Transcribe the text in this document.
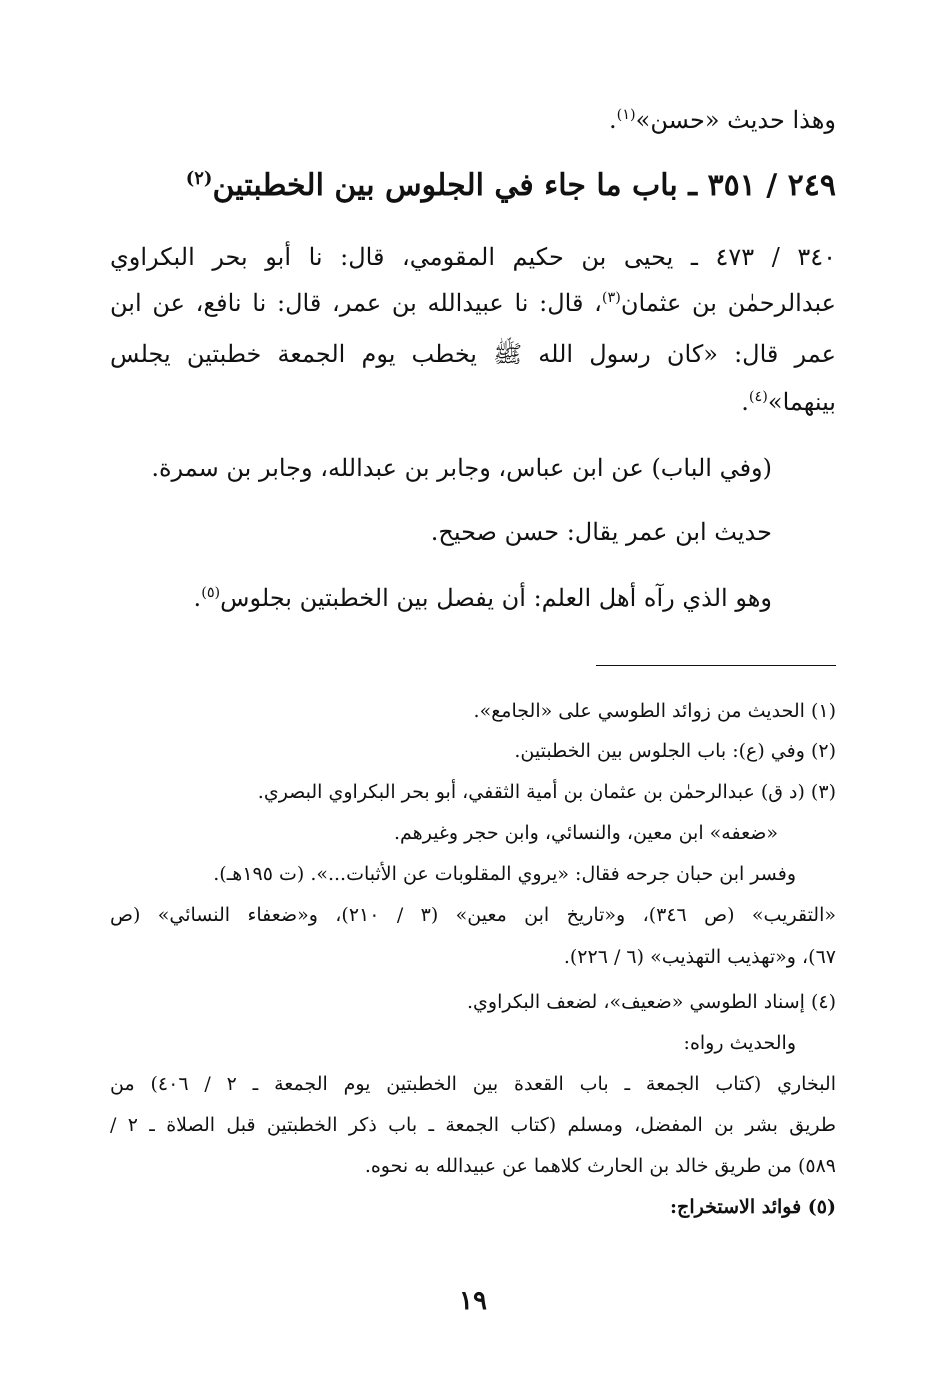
وهذا حديث «حسن»$^{(١)}$.
٢٤٩ / ٣٥١ ـ باب ما جاء في الجلوس بين الخطبتين$^{(٢)}$
٣٤٠ / ٤٧٣ ـ يحيى بن حكيم المقومي، قال: نا أبو بحر البكراوي
عبدالرحمٰن بن عثمان$^{(٣)}$، قال: نا عبيدالله بن عمر، قال: نا نافع، عن ابن
عمر قال: «كان رسول الله ﷺ يخطب يوم الجمعة خطبتين يجلس
بينهما»$^{(٤)}$.
(وفي الباب) عن ابن عباس، وجابر بن عبدالله، وجابر بن سمرة.
حديث ابن عمر يقال: حسن صحيح.
وهو الذي رآه أهل العلم: أن يفصل بين الخطبتين بجلوس$^{(٥)}$.
(١) الحديث من زوائد الطوسي على «الجامع».
(٢) وفي (ع): باب الجلوس بين الخطبتين.
(٣) (د ق) عبدالرحمٰن بن عثمان بن أمية الثقفي، أبو بحر البكراوي البصري.
«ضعفه» ابن معين، والنسائي، وابن حجر وغيرهم.
وفسر ابن حبان جرحه فقال: «يروي المقلوبات عن الأثبات...». (ت ١٩٥هـ).
«التقريب» (ص ٣٤٦)، و«تاريخ ابن معين» (٣ / ٢١٠)، و«ضعفاء النسائي» (ص
٦٧)، و«تهذيب التهذيب» (٦ / ٢٢٦).
(٤) إسناد الطوسي «ضعيف»، لضعف البكراوي.
والحديث رواه:
البخاري (كتاب الجمعة ـ باب القعدة بين الخطبتين يوم الجمعة ـ ٢ / ٤٠٦) من
طريق بشر بن المفضل، ومسلم (كتاب الجمعة ـ باب ذكر الخطبتين قبل الصلاة ـ ٢ /
٥٨٩) من طريق خالد بن الحارث كلاهما عن عبيدالله به نحوه.
(٥) فوائد الاستخراج:
١٩
